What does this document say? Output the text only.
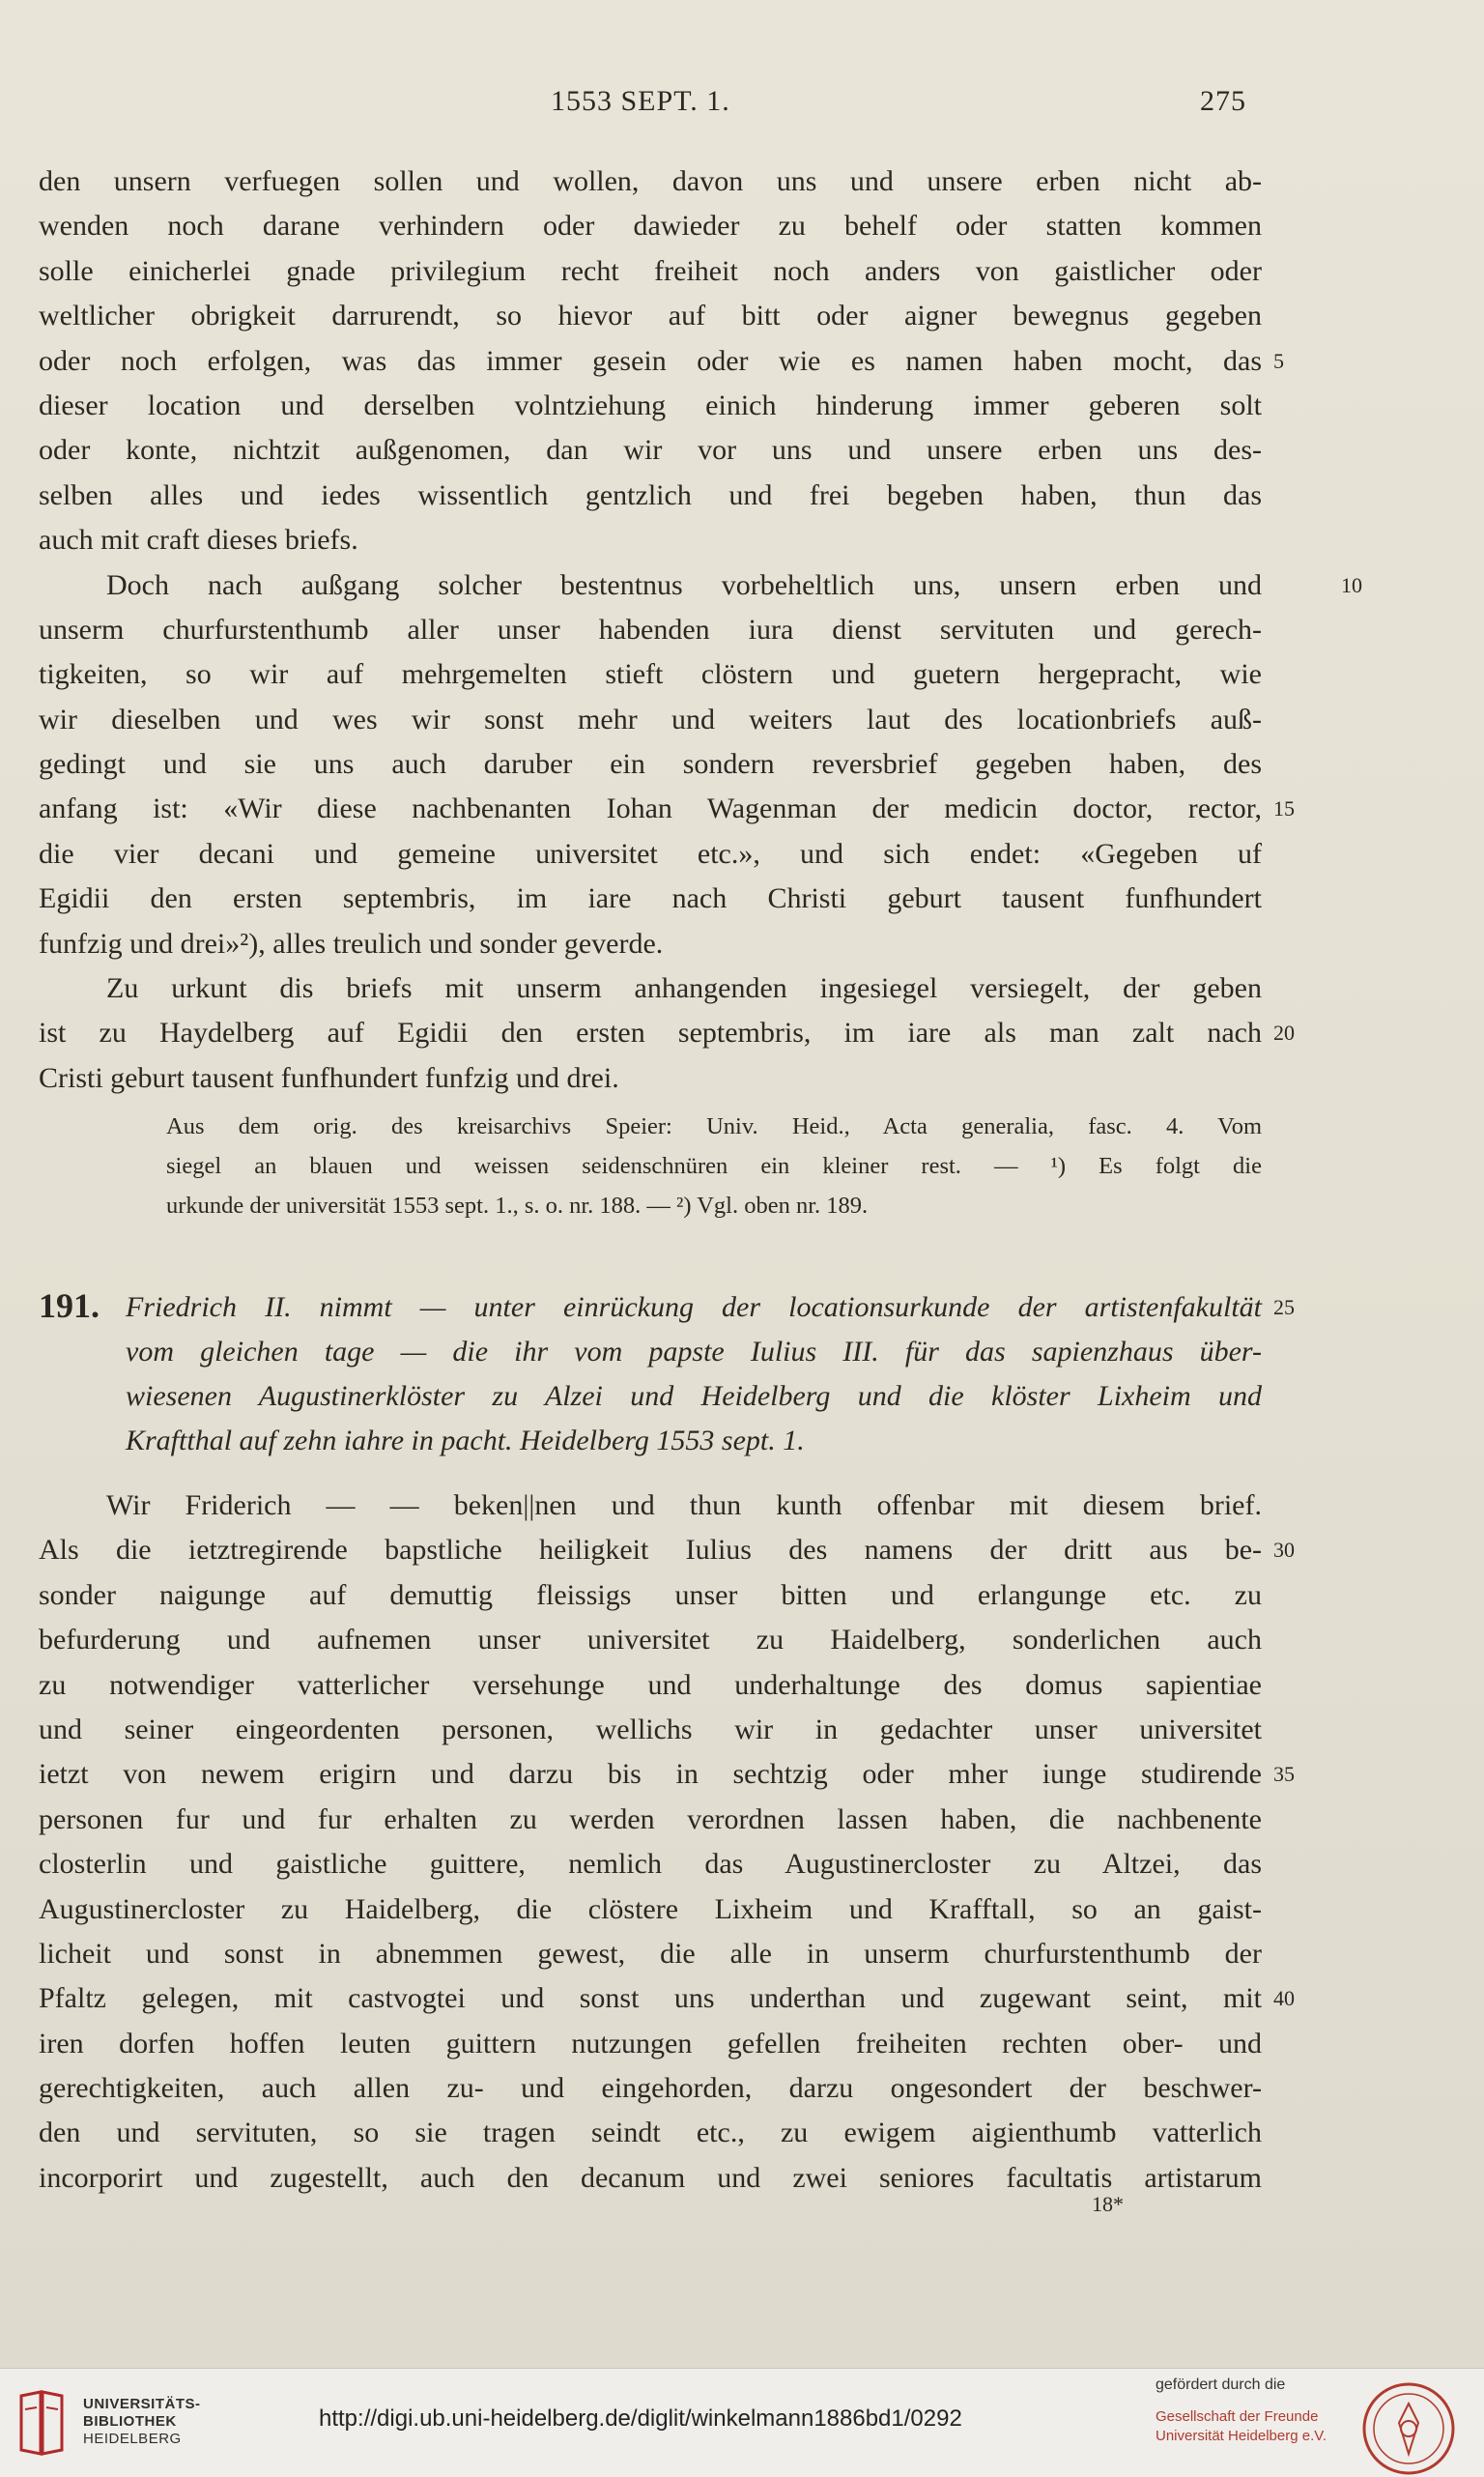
1553 SEPT. 1.	275
den unsern verfuegen sollen und wollen, davon uns und unsere erben nicht ab-
wenden noch darane verhindern oder dawieder zu behelf oder statten kommen
solle einicherlei gnade privilegium recht freiheit noch anders von gaistlicher oder
weltlicher obrigkeit darrurendt, so hievor auf bitt oder aigner bewegnus gegeben
oder noch erfolgen, was das immer gesein oder wie es namen haben mocht, das 5
dieser location und derselben volntziehung einich hinderung immer geberen solt
oder konte, nichtzit außgenomen, dan wir vor uns und unsere erben uns des-
selben alles und iedes wissentlich gentzlich und frei begeben haben, thun das
auch mit craft dieses briefs.
Doch nach außgang solcher bestentnus vorbeheltlich uns, unsern erben und	10
unserm churfurstenthumb aller unser habenden iura dienst servituten und gerech-
tigkeiten, so wir auf mehrgemelten stieft clöstern und guetern hergepracht, wie
wir dieselben und wes wir sonst mehr und weiters laut des locationbriefs auß-
gedingt und sie uns auch daruber ein sondern reversbrief gegeben haben, des
anfang ist: «Wir diese nachbenanten Iohan Wagenman der medicin doctor, rector, 15
die vier decani und gemeine universitet etc.», und sich endet: «Gegeben uf
Egidii den ersten septembris, im iare nach Christi geburt tausent funfhundert
funfzig und drei»²), alles treulich und sonder geverde.
Zu urkunt dis briefs mit unserm anhangenden ingesiegel versiegelt, der geben
ist zu Haydelberg auf Egidii den ersten septembris, im iare als man zalt nach 20
Cristi geburt tausent funfhundert funfzig und drei.
Aus dem orig. des kreisarchivs Speier: Univ. Heid., Acta generalia, fasc. 4. Vom
siegel an blauen und weissen seidenschnüren ein kleiner rest. — ¹) Es folgt die
urkunde der universität 1553 sept. 1., s. o. nr. 188. — ²) Vgl. oben nr. 189.
191. Friedrich II. nimmt — unter einrückung der locationsurkunde der artistenfakultät 25
vom gleichen tage — die ihr vom papste Iulius III. für das sapienzhaus über-
wiesenen Augustinerklöster zu Alzei und Heidelberg und die klöster Lixheim und
Kraftthal auf zehn iahre in pacht. Heidelberg 1553 sept. 1.
Wir Friderich — — beken||nen und thun kunth offenbar mit diesem brief.
Als die ietztregirende bapstliche heiligkeit Iulius des namens der dritt aus be- 30
sonder naigunge auf demuttig fleissigs unser bitten und erlangunge etc. zu
befurderung und aufnemen unser universitet zu Haidelberg, sonderlichen auch
zu notwendiger vatterlicher versehunge und underhaltunge des domus sapientiae
und seiner eingeordenten personen, wellichs wir in gedachter unser universitet
ietzt von newem erigirn und darzu bis in sechtzig oder mher iunge studirende 35
personen fur und fur erhalten zu werden verordnen lassen haben, die nachbenente
closterlin und gaistliche guittere, nemlich das Augustinercloster zu Altzei, das
Augustinercloster zu Haidelberg, die clöstere Lixheim und Krafftall, so an gaist-
licheit und sonst in abnemmen gewest, die alle in unserm churfurstenthumb der
Pfaltz gelegen, mit castvogtei und sonst uns underthan und zugewant seint, mit 40
iren dorfen hoffen leuten guittern nutzungen gefellen freiheiten rechten ober- und
gerechtigkeiten, auch allen zu- und eingehorden, darzu ongesondert der beschwer-
den und servituten, so sie tragen seindt etc., zu ewigem aigienthumb vatterlich
incorporirt und zugestellt, auch den decanum und zwei seniores facultatis artistarum
18*
UNIVERSITÄTS-
BIBLIOTHEK
HEIDELBERG
http://digi.ub.uni-heidelberg.de/diglit/winkelmann1886bd1/0292
gefördert durch die
Gesellschaft der Freunde
Universität Heidelberg e.V.
